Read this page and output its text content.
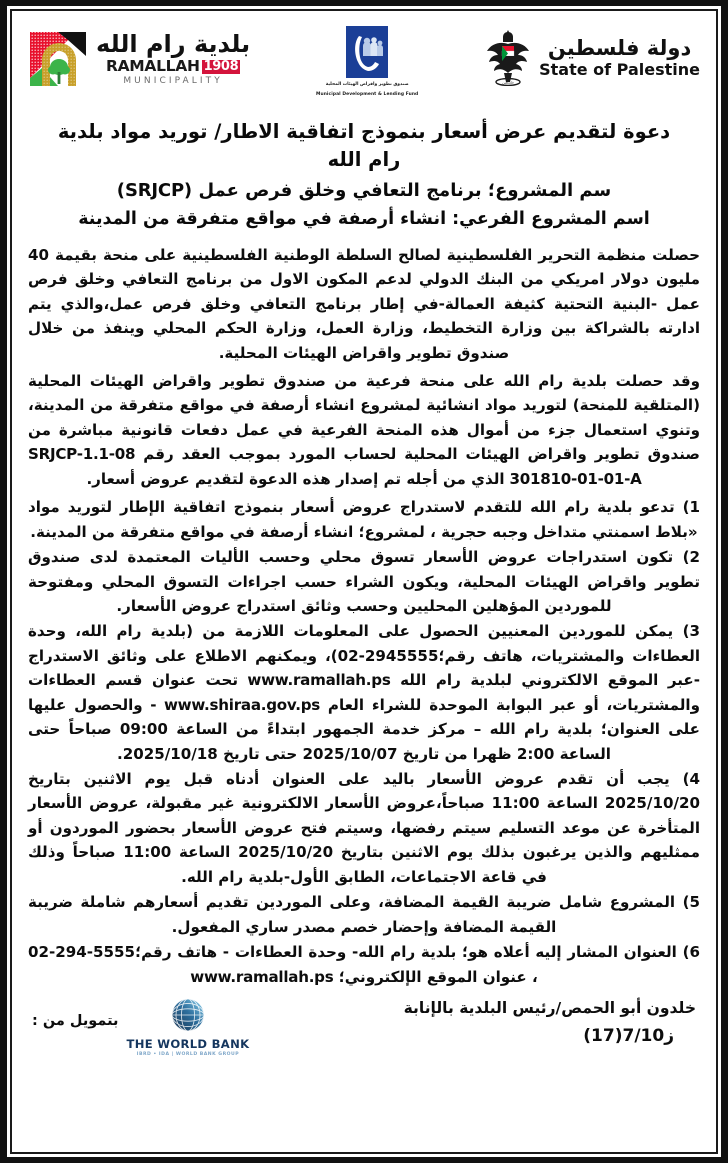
دولة فلسطين
State of Palestine
فلسطين
صندوق تطوير واقراض الهيئات المحلية
Municipal Development & Lending Fund
بلدية رام الله
RAMALLAH 1908
MUNICIPALITY
دعوة لتقديم عرض أسعار بنموذج اتفاقية الاطار/ توريد مواد بلدية رام الله
سم المشروع؛ برنامج التعافي وخلق فرص عمل (SRJCP)
اسم المشروع الفرعي: انشاء أرصفة في مواقع متفرقة من المدينة
حصلت منظمة التحرير الفلسطينية لصالح السلطة الوطنية الفلسطينية على منحة بقيمة 40 مليون دولار امريكي من البنك الدولي لدعم المكون الاول من برنامج التعافي وخلق فرص عمل -البنية التحتية كثيفة العمالة-في إطار برنامج التعافي وخلق فرص عمل،والذي يتم ادارته بالشراكة بين وزارة التخطيط، وزارة العمل، وزارة الحكم المحلي وينفذ من خلال صندوق تطوير واقراض الهيئات المحلية.
وقد حصلت بلدية رام الله على منحة فرعية من صندوق تطوير واقراض الهيئات المحلية (المتلقية للمنحة) لتوريد مواد انشائية لمشروع انشاء أرصفة في مواقع متفرقة من المدينة، وتنوي استعمال جزء من أموال هذه المنحة الفرعية في عمل دفعات قانونية مباشرة من صندوق تطوير واقراض الهيئات المحلية لحساب المورد بموجب العقد رقم SRJCP-1.1-08 301810-01-01-A الذي من أجله تم إصدار هذه الدعوة لتقديم عروض أسعار.
1) تدعو بلدية رام الله للتقدم لاستدراج عروض أسعار بنموذج اتفاقية الإطار لتوريد مواد «بلاط اسمنتي متداخل وجبه حجرية ، لمشروع؛ انشاء أرصفة في مواقع متفرقة من المدينة.
2) تكون استدراجات عروض الأسعار تسوق محلي وحسب الأليات المعتمدة لدى صندوق تطوير واقراض الهيئات المحلية، ويكون الشراء حسب اجراءات التسوق المحلي ومفتوحة للموردين المؤهلين المحليين وحسب وثائق استدراج عروض الأسعار.
3) يمكن للموردين المعنيين الحصول على المعلومات اللازمة من (بلدية رام الله، وحدة العطاءات والمشتريات، هاتف رقم؛02-2945555)، ويمكنهم الاطلاع على وثائق الاستدراج -عبر الموقع الالكتروني لبلدية رام الله www.ramallah.ps تحت عنوان قسم العطاءات والمشتريات، أو عبر البوابة الموحدة للشراء العام www.shiraa.gov.ps - والحصول عليها على العنوان؛ بلدية رام الله – مركز خدمة الجمهور ابتداءً من الساعة 09:00 صباحاً حتى الساعة 2:00 ظهرا من تاريخ 2025/10/07 حتى تاريخ 2025/10/18.
4) يجب أن تقدم عروض الأسعار باليد على العنوان أدناه قبل يوم الاثنين بتاريخ 2025/10/20 الساعة 11:00 صباحاً،عروض الأسعار الالكترونية غير مقبولة، عروض الأسعار المتأخرة عن موعد التسليم سيتم رفضها، وسيتم فتح عروض الأسعار بحضور الموردون أو ممثليهم والذين يرغبون بذلك يوم الاثنين بتاريخ 2025/10/20 الساعة 11:00 صباحاً وذلك في قاعة الاجتماعات، الطابق الأول-بلدية رام الله.
5) المشروع شامل ضريبة القيمة المضافة، وعلى الموردين تقديم أسعارهم شاملة ضريبة القيمة المضافة وإحضار خصم مصدر ساري المفعول.
6) العنوان المشار إليه أعلاه هو؛ بلدية رام الله- وحدة العطاءات - هاتف رقم؛02-294-5555 ، عنوان الموقع الإلكتروني؛ www.ramallah.ps
خلدون أبو الحمص/رئيس البلدية بالإنابة
ز7/10(17)
THE WORLD BANK
IBRD • IDA | WORLD BANK GROUP
بتمويل من :
